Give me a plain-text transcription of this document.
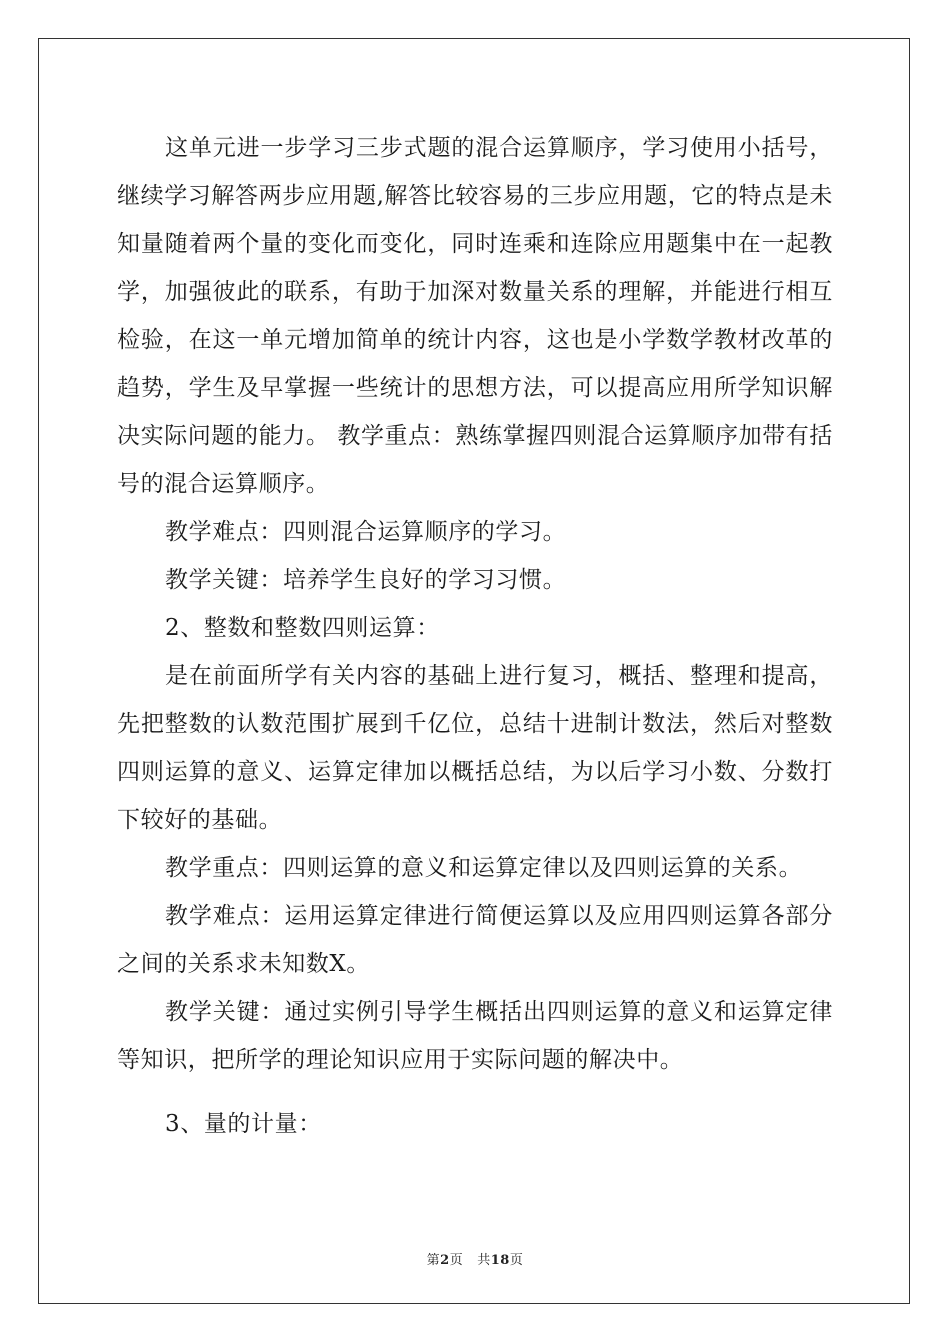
这单元进一步学习三步式题的混合运算顺序，学习使用小括号，继续学习解答两步应用题,解答比较容易的三步应用题，它的特点是未知量随着两个量的变化而变化，同时连乘和连除应用题集中在一起教学，加强彼此的联系，有助于加深对数量关系的理解，并能进行相互检验，在这一单元增加简单的统计内容，这也是小学数学教材改革的趋势，学生及早掌握一些统计的思想方法，可以提高应用所学知识解决实际问题的能力。 教学重点：熟练掌握四则混合运算顺序加带有括号的混合运算顺序。

教学难点：四则混合运算顺序的学习。

教学关键：培养学生良好的学习习惯。

2、整数和整数四则运算：

是在前面所学有关内容的基础上进行复习，概括、整理和提高，先把整数的认数范围扩展到千亿位，总结十进制计数法，然后对整数四则运算的意义、运算定律加以概括总结，为以后学习小数、分数打下较好的基础。

教学重点：四则运算的意义和运算定律以及四则运算的关系。

教学难点：运用运算定律进行简便运算以及应用四则运算各部分之间的关系求未知数X。

教学关键：通过实例引导学生概括出四则运算的意义和运算定律等知识，把所学的理论知识应用于实际问题的解决中。

3、量的计量：

第2页 共18页
